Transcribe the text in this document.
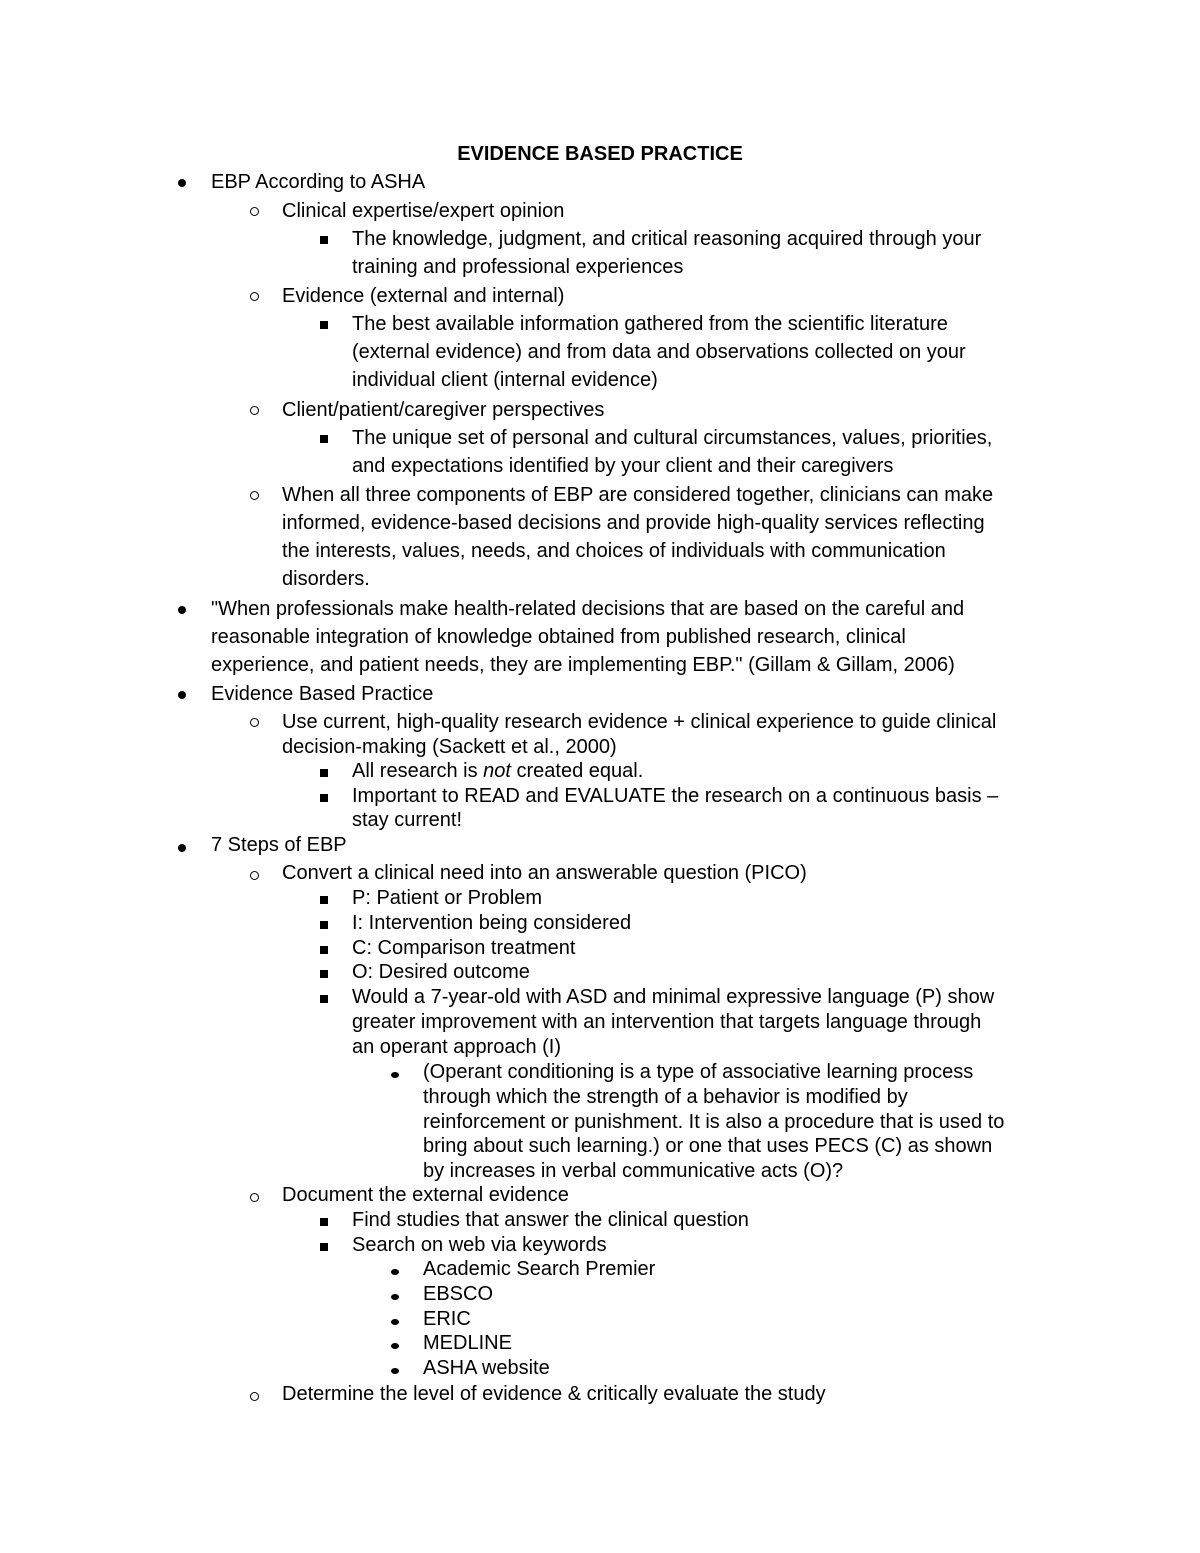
EVIDENCE BASED PRACTICE
EBP According to ASHA
Clinical expertise/expert opinion
The knowledge, judgment, and critical reasoning acquired through your
training and professional experiences
Evidence (external and internal)
The best available information gathered from the scientific literature
(external evidence) and from data and observations collected on your
individual client (internal evidence)
Client/patient/caregiver perspectives
The unique set of personal and cultural circumstances, values, priorities,
and expectations identified by your client and their caregivers
When all three components of EBP are considered together, clinicians can make
informed, evidence-based decisions and provide high-quality services reflecting
the interests, values, needs, and choices of individuals with communication
disorders.
"When professionals make health-related decisions that are based on the careful and
reasonable integration of knowledge obtained from published research, clinical
experience, and patient needs, they are implementing EBP." (Gillam & Gillam, 2006)
Evidence Based Practice
Use current, high-quality research evidence + clinical experience to guide clinical
decision-making (Sackett et al., 2000)
All research is not created equal.
Important to READ and EVALUATE the research on a continuous basis –
stay current!
7 Steps of EBP
Convert a clinical need into an answerable question (PICO)
P: Patient or Problem
I: Intervention being considered
C: Comparison treatment
O: Desired outcome
Would a 7-year-old with ASD and minimal expressive language (P) show
greater improvement with an intervention that targets language through
an operant approach (I)
(Operant conditioning is a type of associative learning process
through which the strength of a behavior is modified by
reinforcement or punishment. It is also a procedure that is used to
bring about such learning.) or one that uses PECS (C) as shown
by increases in verbal communicative acts (O)?
Document the external evidence
Find studies that answer the clinical question
Search on web via keywords
Academic Search Premier
EBSCO
ERIC
MEDLINE
ASHA website
Determine the level of evidence & critically evaluate the study
